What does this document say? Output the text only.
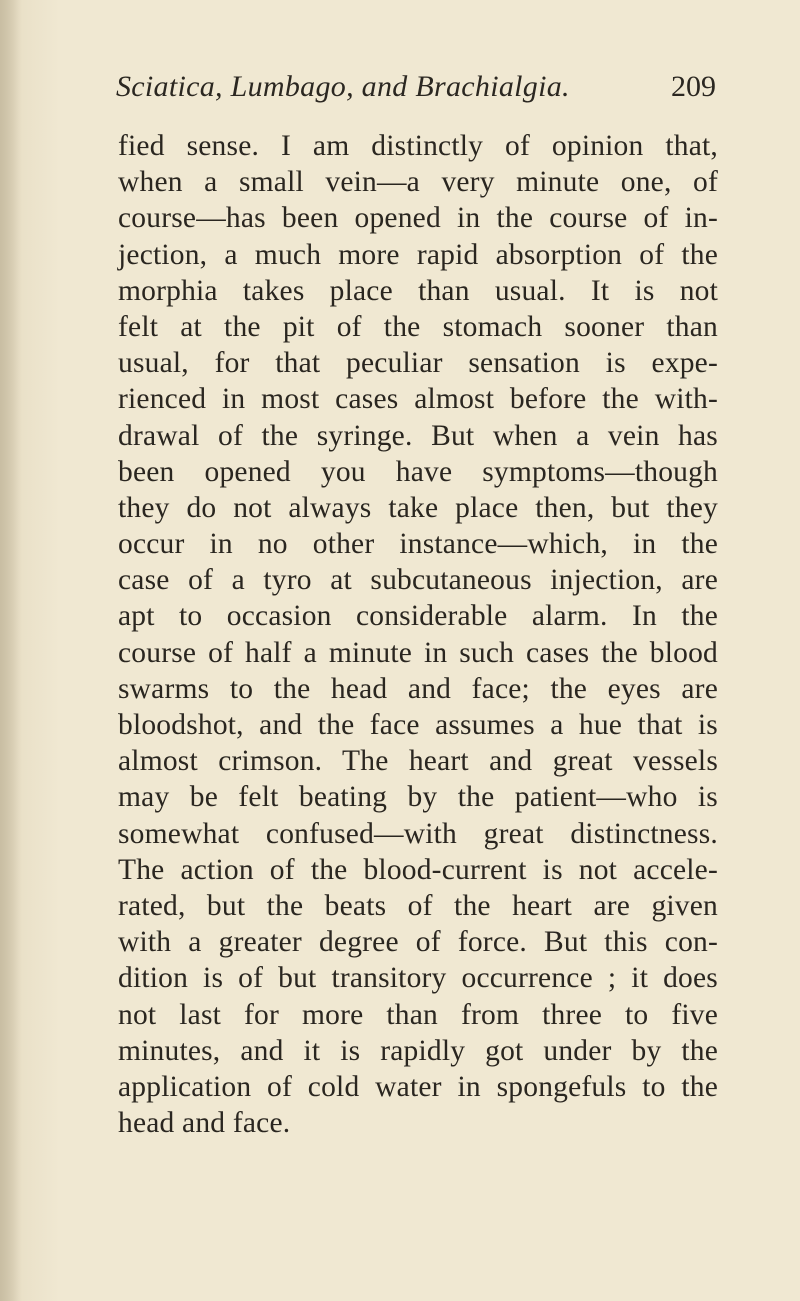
Sciatica, Lumbago, and Brachialgia.	209
fied sense. I am distinctly of opinion that,
when a small vein—a very minute one, of
course—has been opened in the course of in-
jection, a much more rapid absorption of the
morphia takes place than usual. It is not
felt at the pit of the stomach sooner than
usual, for that peculiar sensation is expe-
rienced in most cases almost before the with-
drawal of the syringe. But when a vein has
been opened you have symptoms—though
they do not always take place then, but they
occur in no other instance—which, in the
case of a tyro at subcutaneous injection, are
apt to occasion considerable alarm. In the
course of half a minute in such cases the blood
swarms to the head and face; the eyes are
bloodshot, and the face assumes a hue that is
almost crimson. The heart and great vessels
may be felt beating by the patient—who is
somewhat confused—with great distinctness.
The action of the blood-current is not accele-
rated, but the beats of the heart are given
with a greater degree of force. But this con-
dition is of but transitory occurrence ; it does
not last for more than from three to five
minutes, and it is rapidly got under by the
application of cold water in spongefuls to the
head and face.
